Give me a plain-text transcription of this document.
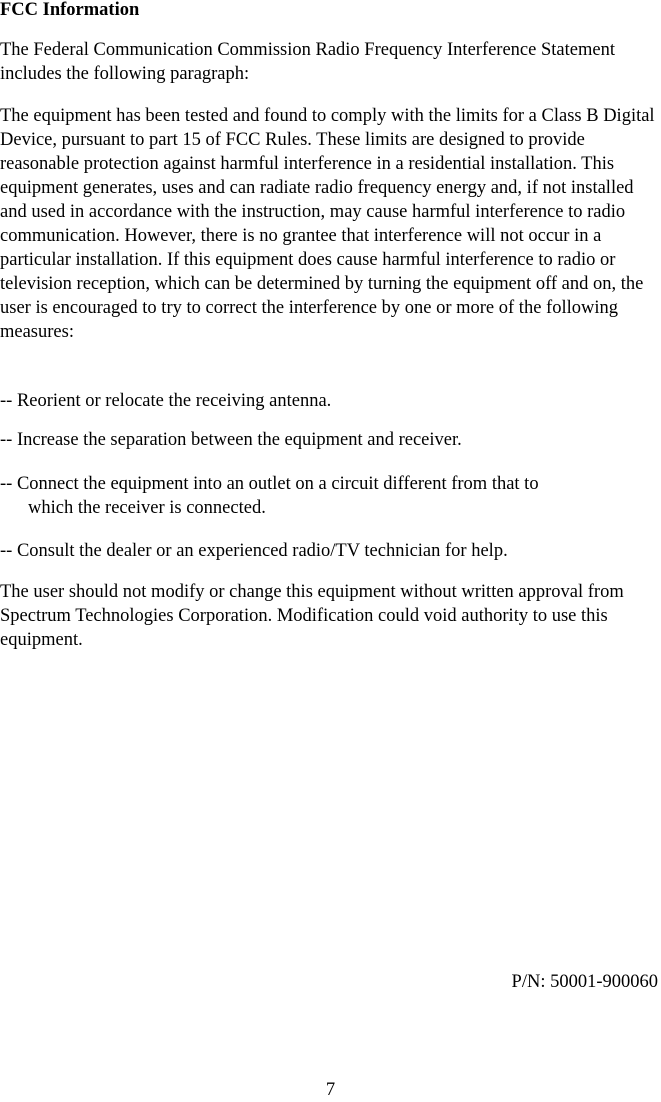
FCC Information

The Federal Communication Commission Radio Frequency Interference Statement includes the following paragraph:

The equipment has been tested and found to comply with the limits for a Class B Digital Device, pursuant to part 15 of FCC Rules. These limits are designed to provide reasonable protection against harmful interference in a residential installation. This equipment generates, uses and can radiate radio frequency energy and, if not installed and used in accordance with the instruction, may cause harmful interference to radio communication. However, there is no grantee that interference will not occur in a particular installation. If this equipment does cause harmful interference to radio or television reception, which can be determined by turning the equipment off and on, the user is encouraged to try to correct the interference by one or more of the following measures:

-- Reorient or relocate the receiving antenna.

-- Increase the separation between the equipment and receiver.

-- Connect the equipment into an outlet on a circuit different from that to
which the receiver is connected.

-- Consult the dealer or an experienced radio/TV technician for help.

The user should not modify or change this equipment without written approval from Spectrum Technologies Corporation. Modification could void authority to use this equipment.

P/N: 50001-900060

7
